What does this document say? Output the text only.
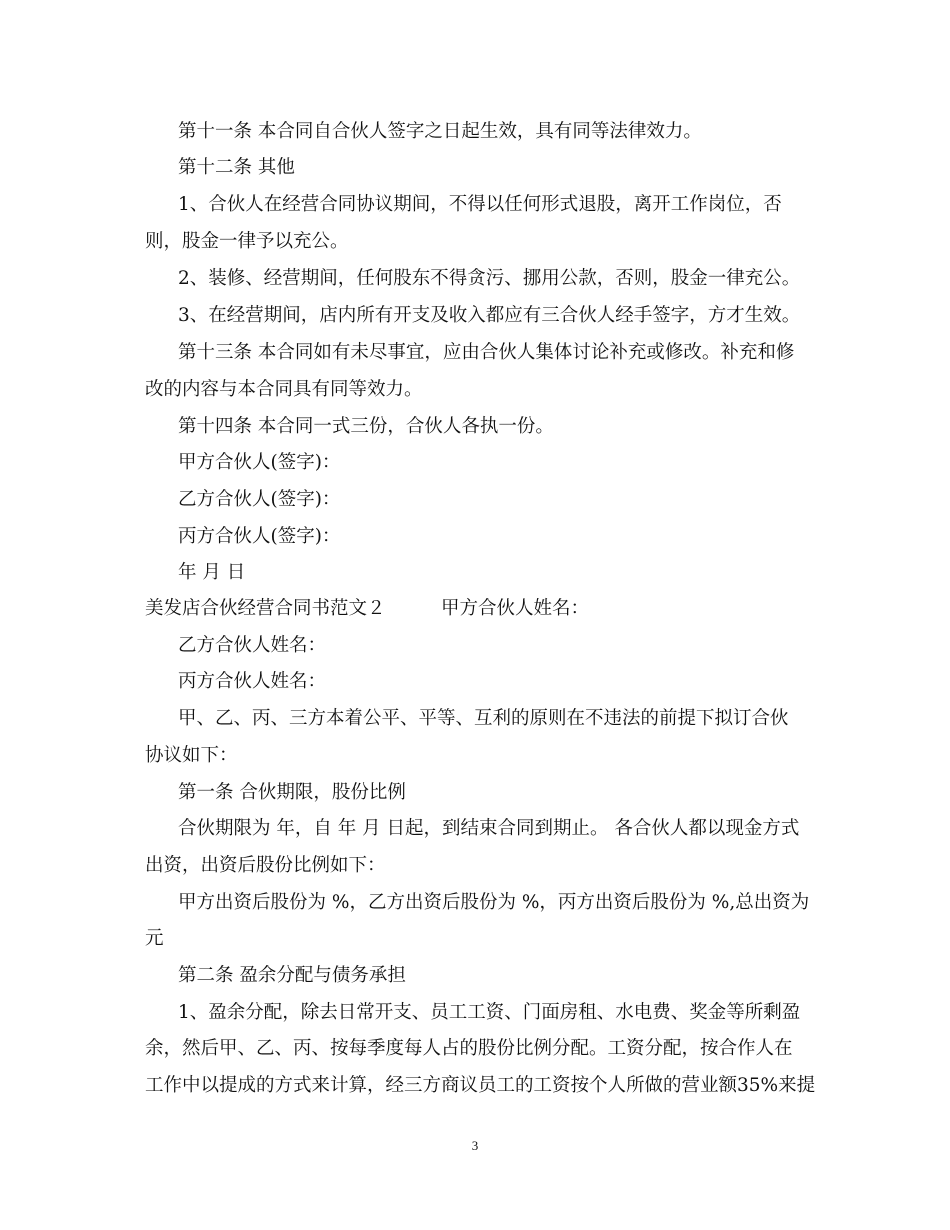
第十一条 本合同自合伙人签字之日起生效，具有同等法律效力。
第十二条 其他
1、合伙人在经营合同协议期间，不得以任何形式退股，离开工作岗位，否
则，股金一律予以充公。
2、装修、经营期间，任何股东不得贪污、挪用公款，否则，股金一律充公。
3、在经营期间，店内所有开支及收入都应有三合伙人经手签字，方才生效。
第十三条 本合同如有未尽事宜，应由合伙人集体讨论补充或修改。补充和修
改的内容与本合同具有同等效力。
第十四条 本合同一式三份，合伙人各执一份。
甲方合伙人(签字)：
乙方合伙人(签字)：
丙方合伙人(签字)：
年 月 日
美发店合伙经营合同书范文２　　　甲方合伙人姓名：
乙方合伙人姓名：
丙方合伙人姓名：
甲、乙、丙、三方本着公平、平等、互利的原则在不违法的前提下拟订合伙
协议如下：
第一条 合伙期限，股份比例
合伙期限为 年，自 年 月 日起，到结束合同到期止。 各合伙人都以现金方式
出资，出资后股份比例如下：
甲方出资后股份为 %，乙方出资后股份为 %，丙方出资后股份为 %,总出资为
元
第二条 盈余分配与债务承担
1、盈余分配，除去日常开支、员工工资、门面房租、水电费、奖金等所剩盈
余，然后甲、乙、丙、按每季度每人占的股份比例分配。工资分配，按合作人在
工作中以提成的方式来计算，经三方商议员工的工资按个人所做的营业额35%来提
3
